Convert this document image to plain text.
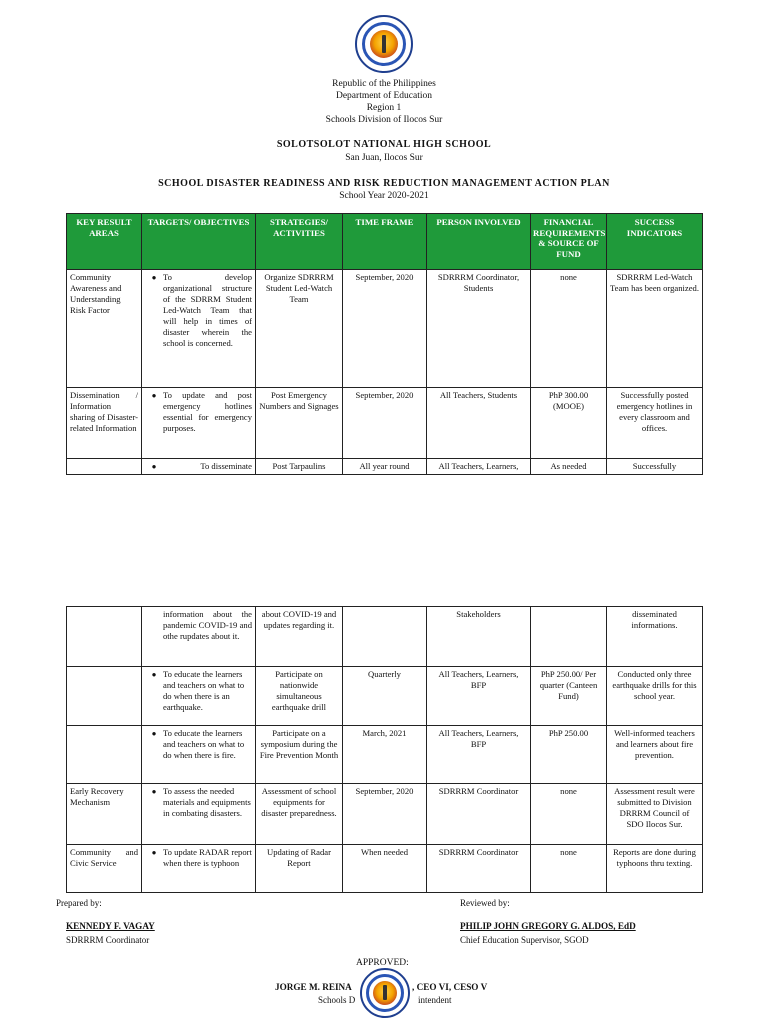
Republic of the Philippines
Department of Education
Region 1
Schools Division of Ilocos Sur
SOLOTSOLOT NATIONAL HIGH SCHOOL
San Juan, Ilocos Sur
SCHOOL DISASTER READINESS AND RISK REDUCTION MANAGEMENT ACTION PLAN
School Year 2020-2021
KEY RESULT AREAS	TARGETS/ OBJECTIVES	STRATEGIES/ ACTIVITIES	TIME FRAME	PERSON INVOLVED	FINANCIAL REQUIREMENTS & SOURCE OF FUND	SUCCESS INDICATORS
Community Awareness and Understanding Risk Factor	● To develop organizational structure of the SDRRM Student Led-Watch Team that will help in times of disaster wherein the school is concerned.	Organize SDRRRM Student Led-Watch Team	September, 2020	SDRRRM Coordinator, Students	none	SDRRRM Led-Watch Team has been organized.
Dissemination / Information sharing of Disaster-related Information	● To update and post emergency hotlines essential for emergency purposes.	Post Emergency Numbers and Signages	September, 2020	All Teachers, Students	PhP 300.00 (MOOE)	Successfully posted emergency hotlines in every classroom and offices.

	● To disseminate	Post Tarpaulins	All year round	All Teachers, Learners,	As needed	Successfully

	information about the pandemic COVID-19 and othe rupdates about it.	about COVID-19 and updates regarding it.		Stakeholders		disseminated informations.

	● To educate the learners and teachers on what to do when there is an earthquake.	Participate on nationwide simultaneous earthquake drill	Quarterly	All Teachers, Learners, BFP	PhP 250.00/ Per quarter (Canteen Fund)	Conducted only three earthquake drills for this school year.

	● To educate the learners and teachers on what to do when there is fire.	Participate on a symposium during the Fire Prevention Month	March, 2021	All Teachers, Learners, BFP	PhP 250.00	Well-informed teachers and learners about fire prevention.
Early Recovery Mechanism	● To assess the needed materials and equipments in combating disasters.	Assessment of school equipments for disaster preparedness.	September, 2020	SDRRRM Coordinator	none	Assessment result were submitted to Division DRRRM Council of SDO Ilocos Sur.
Community and Civic Service	● To update RADAR report when there is typhoon	Updating of Radar Report	When needed	SDRRRM Coordinator	none	Reports are done during typhoons thru texting.
Prepared by:	Reviewed by:
KENNEDY F. VAGAY
SDRRRM Coordinator
PHILIP JOHN GREGORY G. ALDOS, EdD
Chief Education Supervisor, SGOD
APPROVED:
JORGE M. REINA	, CEO VI, CESO V
Schools D	intendent
